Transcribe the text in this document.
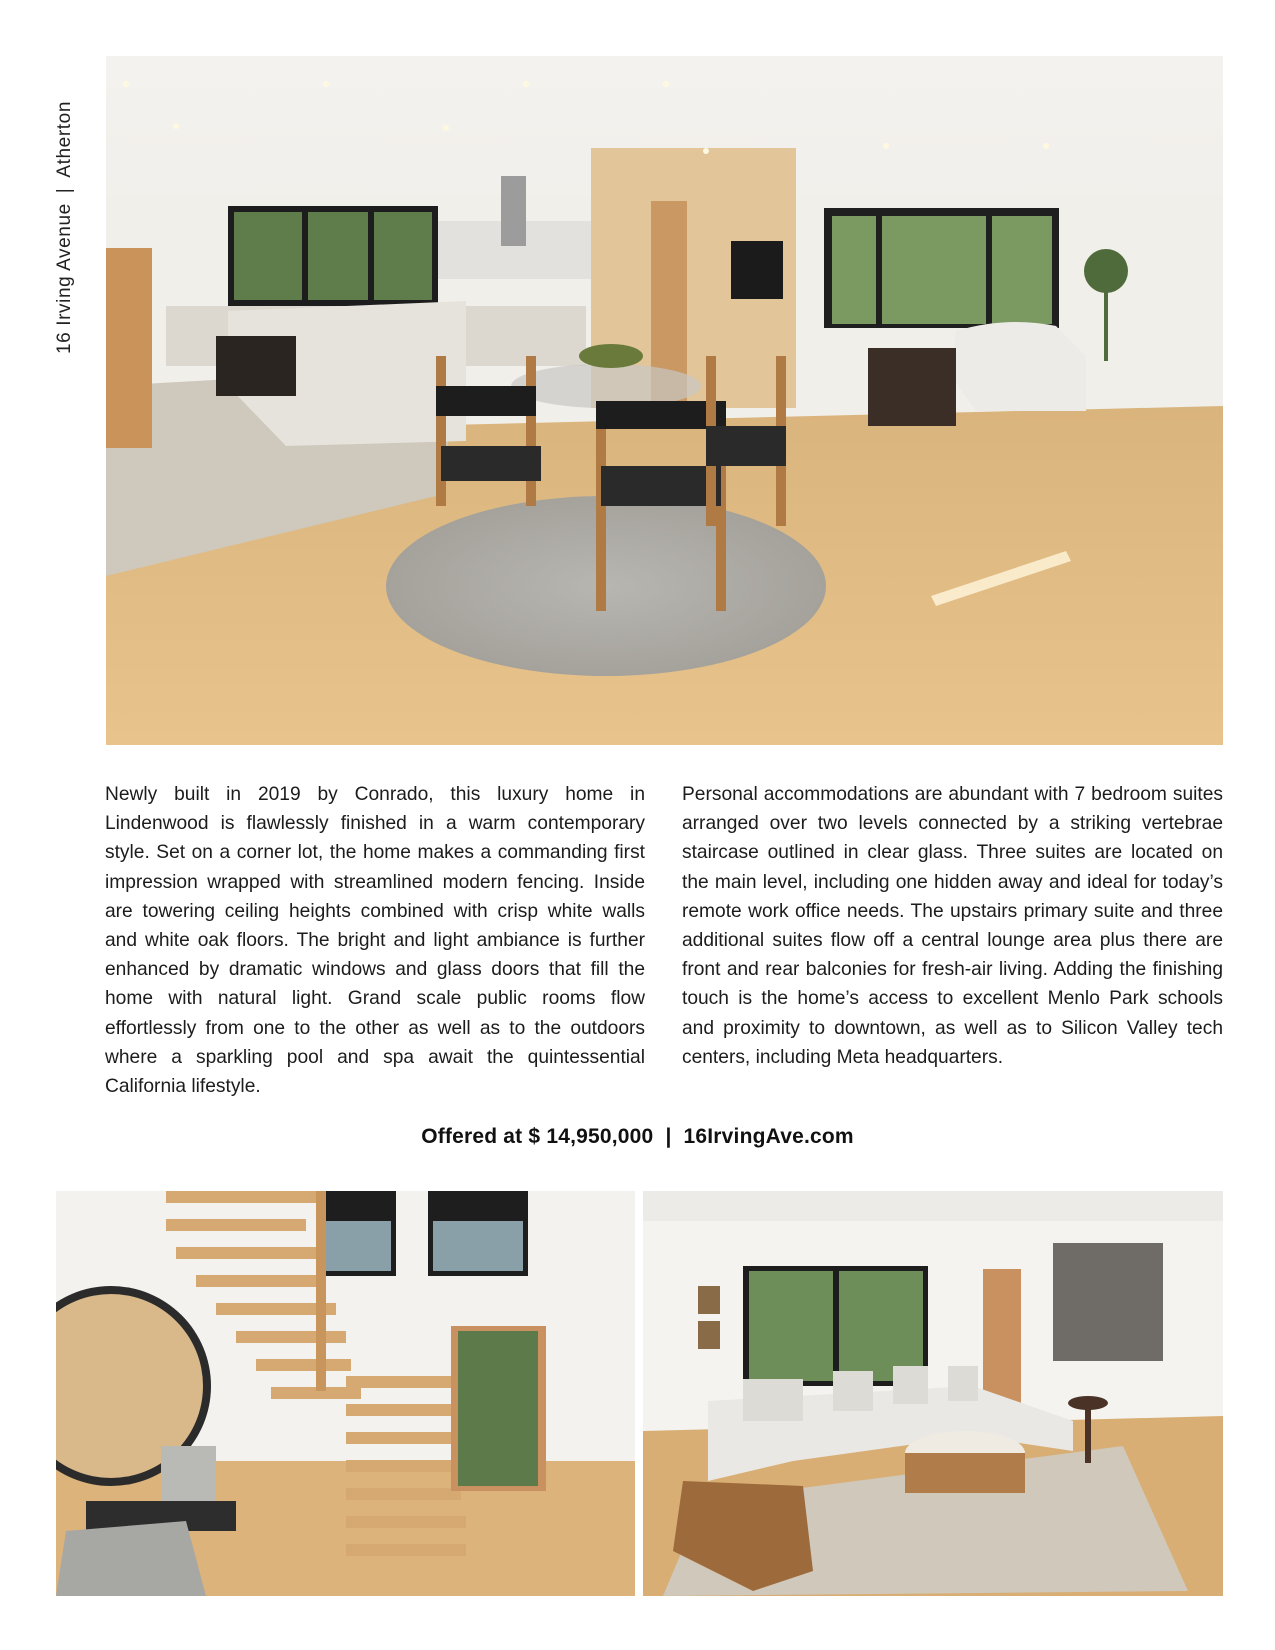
16 Irving Avenue|Atherton
Newly built in 2019 by Conrado, this luxury home in Lindenwood is flawlessly finished in a warm contemporary style. Set on a corner lot, the home makes a commanding first impression wrapped with streamlined modern fencing. Inside are towering ceiling heights combined with crisp white walls and white oak floors. The bright and light ambiance is further enhanced by dramatic windows and glass doors that fill the home with natural light. Grand scale public rooms flow effortlessly from one to the other as well as to the outdoors where a sparkling pool and spa await the quintessential California lifestyle.
Personal accommodations are abundant with 7 bedroom suites arranged over two levels connected by a striking vertebrae staircase outlined in clear glass. Three suites are located on the main level, including one hidden away and ideal for today’s remote work office needs. The upstairs primary suite and three additional suites flow off a central lounge area plus there are front and rear balconies for fresh-air living. Adding the finishing touch is the home’s access to excellent Menlo Park schools and proximity to downtown, as well as to Silicon Valley tech centers, including Meta headquarters.
Offered at $ 14,950,000 | 16IrvingAve.com
